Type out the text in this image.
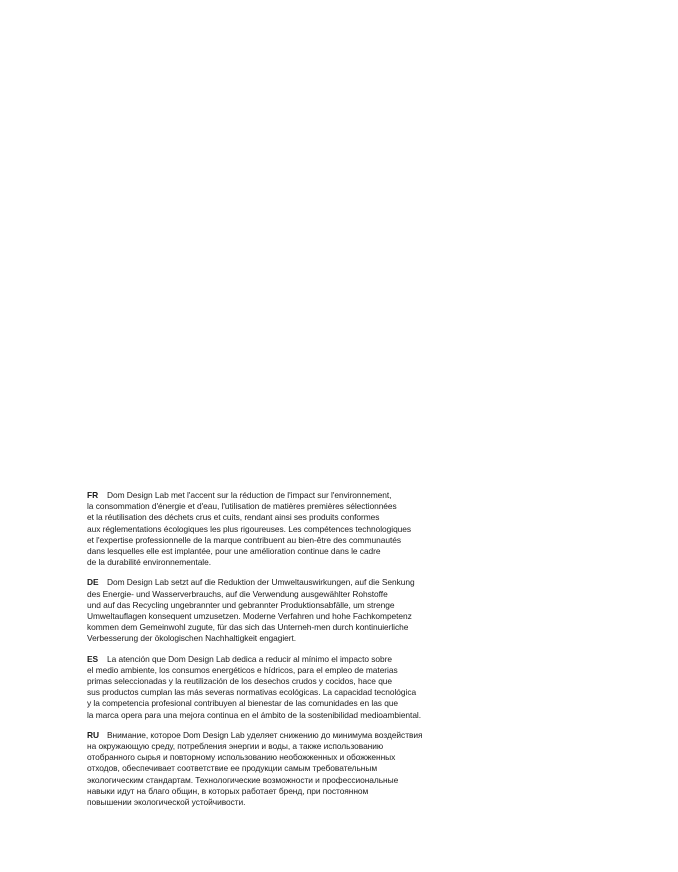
FR Dom Design Lab met l'accent sur la réduction de l'impact sur l'environnement,
la consommation d'énergie et d'eau, l'utilisation de matières premières sélectionnées
et la réutilisation des déchets crus et cuits, rendant ainsi ses produits conformes
aux réglementations écologiques les plus rigoureuses. Les compétences technologiques
et l'expertise professionnelle de la marque contribuent au bien-être des communautés
dans lesquelles elle est implantée, pour une amélioration continue dans le cadre
de la durabilité environnementale.
DE Dom Design Lab setzt auf die Reduktion der Umweltauswirkungen, auf die Senkung
des Energie- und Wasserverbrauchs, auf die Verwendung ausgewählter Rohstoffe
und auf das Recycling ungebrannter und gebrannter Produktionsabfälle, um strenge
Umweltauflagen konsequent umzusetzen. Moderne Verfahren und hohe Fachkompetenz
kommen dem Gemeinwohl zugute, für das sich das Unterneh-men durch kontinuierliche
Verbesserung der ökologischen Nachhaltigkeit engagiert.
ES La atención que Dom Design Lab dedica a reducir al mínimo el impacto sobre
el medio ambiente, los consumos energéticos e hídricos, para el empleo de materias
primas seleccionadas y la reutilización de los desechos crudos y cocidos, hace que
sus productos cumplan las más severas normativas ecológicas. La capacidad tecnológica
y la competencia profesional contribuyen al bienestar de las comunidades en las que
la marca opera para una mejora continua en el ámbito de la sostenibilidad medioambiental.
RU Внимание, которое Dom Design Lab уделяет снижению до минимума воздействия
на окружающую среду, потребления энергии и воды, а также использованию
отобранного сырья и повторному использованию необожженных и обожженных
отходов, обеспечивает соответствие ее продукции самым требовательным
экологическим стандартам. Технологические возможности и профессиональные
навыки идут на благо общин, в которых работает бренд, при постоянном
повышении экологической устойчивости.
